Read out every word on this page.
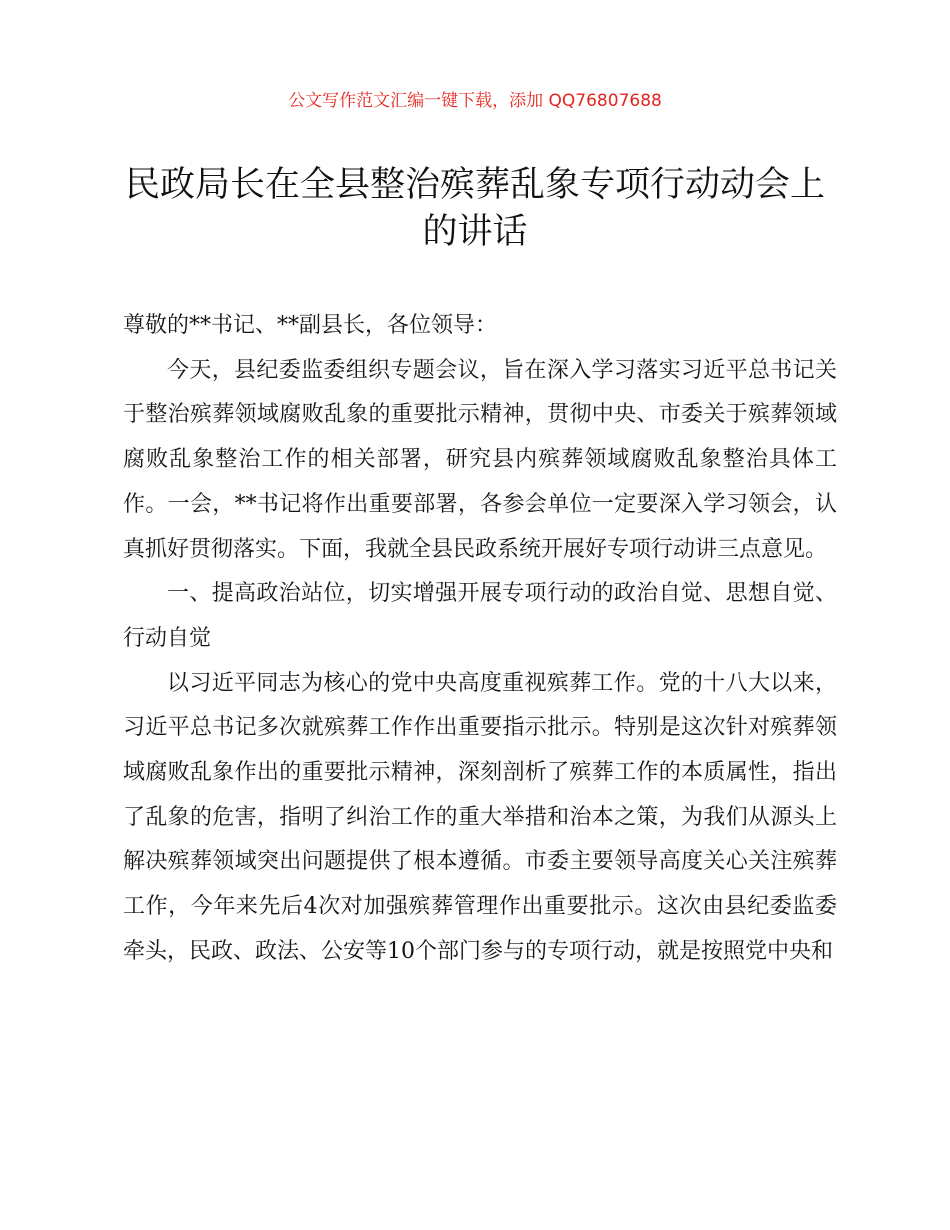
公文写作范文汇编一键下载，添加 QQ76807688
民政局长在全县整治殡葬乱象专项行动动会上的讲话

尊敬的**书记、**副县长，各位领导：

今天，县纪委监委组织专题会议，旨在深入学习落实习近平总书记关于整治殡葬领域腐败乱象的重要批示精神，贯彻中央、市委关于殡葬领域腐败乱象整治工作的相关部署，研究县内殡葬领域腐败乱象整治具体工作。一会，**书记将作出重要部署，各参会单位一定要深入学习领会，认真抓好贯彻落实。下面，我就全县民政系统开展好专项行动讲三点意见。

一、提高政治站位，切实增强开展专项行动的政治自觉、思想自觉、行动自觉

以习近平同志为核心的党中央高度重视殡葬工作。党的十八大以来，习近平总书记多次就殡葬工作作出重要指示批示。特别是这次针对殡葬领域腐败乱象作出的重要批示精神，深刻剖析了殡葬工作的本质属性，指出了乱象的危害，指明了纠治工作的重大举措和治本之策，为我们从源头上解决殡葬领域突出问题提供了根本遵循。市委主要领导高度关心关注殡葬工作，今年来先后4次对加强殡葬管理作出重要批示。这次由县纪委监委牵头，民政、政法、公安等10个部门参与的专项行动，就是按照党中央和
